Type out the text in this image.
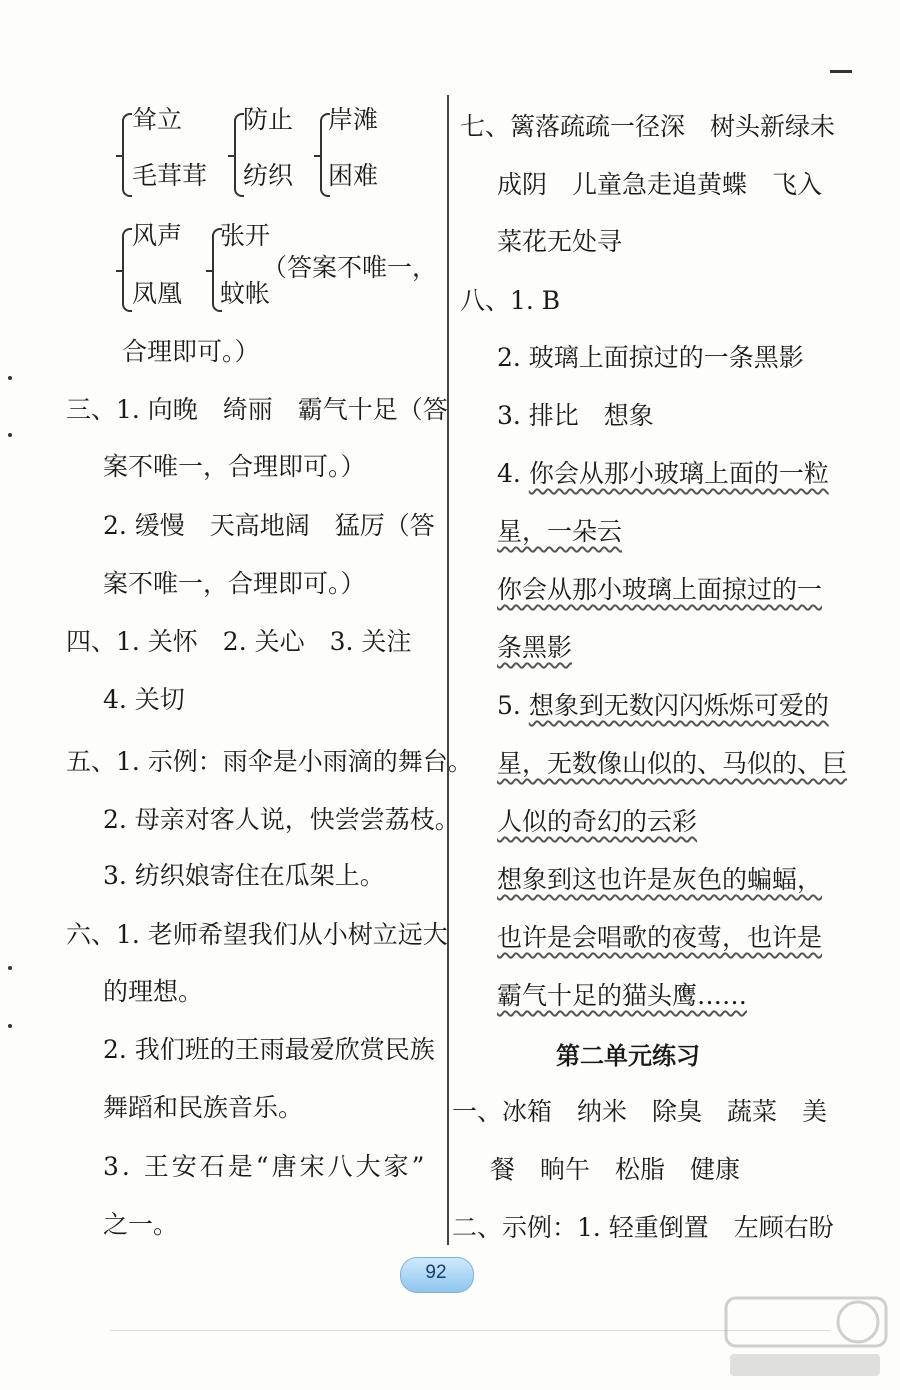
耸立
毛茸茸
防止
纺织
岸滩
困难
风声
凤凰
张开
蚊帐
（答案不唯一，
合理即可。）
三、1. 向晚　绮丽　霸气十足（答
案不唯一，合理即可。）
2. 缓慢　天高地阔　猛厉（答
案不唯一，合理即可。）
四、1. 关怀　2. 关心　3. 关注
4. 关切
五、1. 示例：雨伞是小雨滴的舞台。
2. 母亲对客人说，快尝尝荔枝。
3. 纺织娘寄住在瓜架上。
六、1. 老师希望我们从小树立远大
的理想。
2. 我们班的王雨最爱欣赏民族
舞蹈和民族音乐。
3. 王安石是“唐宋八大家”
之一。
七、篱落疏疏一径深　树头新绿未
成阴　儿童急走追黄蝶　飞入
菜花无处寻
八、1. B
2. 玻璃上面掠过的一条黑影
3. 排比　想象
4. 你会从那小玻璃上面的一粒
星，一朵云
你会从那小玻璃上面掠过的一
条黑影
5. 想象到无数闪闪烁烁可爱的
星，无数像山似的、马似的、巨
人似的奇幻的云彩
想象到这也许是灰色的蝙蝠，
也许是会唱歌的夜莺，也许是
霸气十足的猫头鹰……
第二单元练习
一、冰箱　纳米　除臭　蔬菜　美
餐　晌午　松脂　健康
二、示例：1. 轻重倒置　左顾右盼
92
